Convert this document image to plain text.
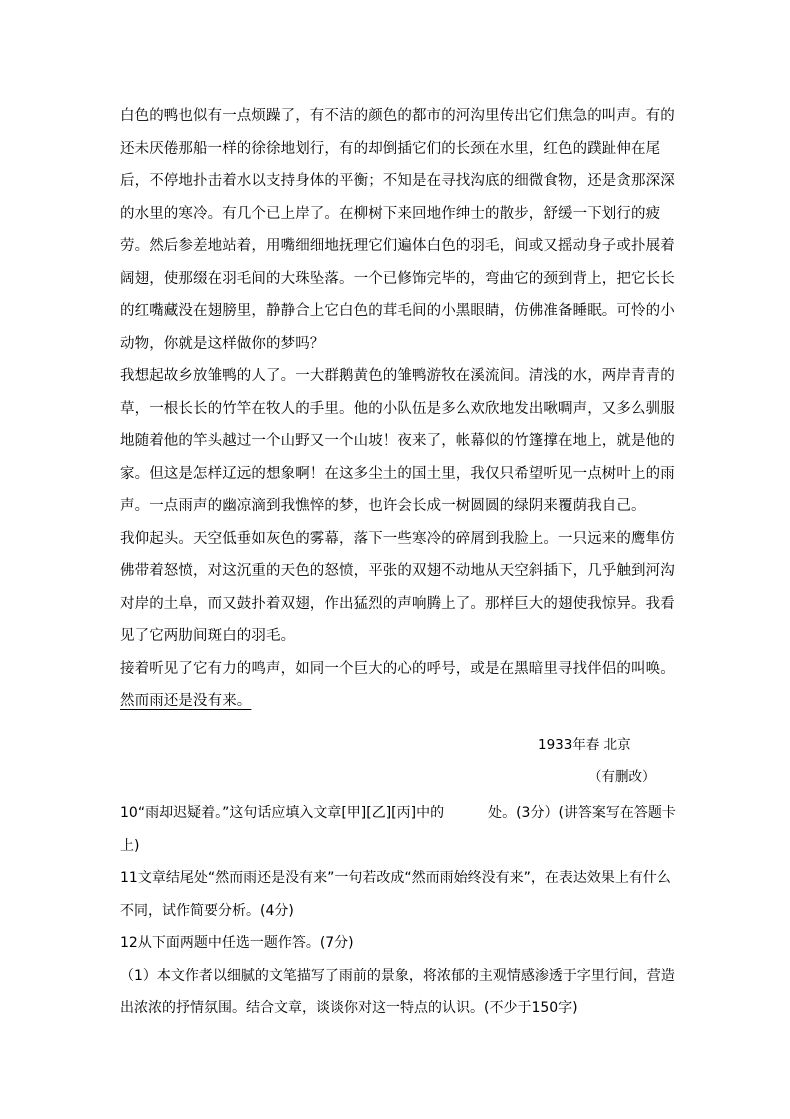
白色的鸭也似有一点烦躁了，有不洁的颜色的都市的河沟里传出它们焦急的叫声。有的还未厌倦那船一样的徐徐地划行，有的却倒插它们的长颈在水里，红色的蹼趾伸在尾后，不停地扑击着水以支持身体的平衡；不知是在寻找沟底的细微食物，还是贪那深深的水里的寒冷。有几个已上岸了。在柳树下来回地作绅士的散步，舒缓一下划行的疲劳。然后参差地站着，用嘴细细地抚理它们遍体白色的羽毛，间或又摇动身子或扑展着阔翅，使那缀在羽毛间的大珠坠落。一个已修饰完毕的，弯曲它的颈到背上，把它长长的红嘴藏没在翅膀里，静静合上它白色的茸毛间的小黑眼睛，仿佛准备睡眠。可怜的小动物，你就是这样做你的梦吗？

我想起故乡放雏鸭的人了。一大群鹅黄色的雏鸭游牧在溪流间。清浅的水，两岸青青的草，一根长长的竹竿在牧人的手里。他的小队伍是多么欢欣地发出啾啁声，又多么驯服地随着他的竿头越过一个山野又一个山坡！夜来了，帐幕似的竹篷撑在地上，就是他的家。但这是怎样辽远的想象啊！在这多尘土的国土里，我仅只希望听见一点树叶上的雨声。一点雨声的幽凉滴到我憔悴的梦，也许会长成一树圆圆的绿阴来覆荫我自己。

我仰起头。天空低垂如灰色的雾幕，落下一些寒冷的碎屑到我脸上。一只远来的鹰隼仿佛带着怒愤，对这沉重的天色的怒愤，平张的双翅不动地从天空斜插下，几乎触到河沟对岸的土阜，而又鼓扑着双翅，作出猛烈的声响腾上了。那样巨大的翅使我惊异。我看见了它两肋间斑白的羽毛。

接着听见了它有力的鸣声，如同一个巨大的心的呼号，或是在黑暗里寻找伴侣的叫唤。

然而雨还是没有来。

1933年春 北京
（有删改）
10“雨却迟疑着。”这句话应填入文章[甲][乙][丙]中的	处。(3分）(讲答案写在答题卡上)
11文章结尾处“然而雨还是没有来”一句若改成“然而雨始终没有来”，在表达效果上有什么不同，试作简要分析。(4分)
12从下面两题中任选一题作答。(7分)
（1）本文作者以细腻的文笔描写了雨前的景象，将浓郁的主观情感渗透于字里行间，营造出浓浓的抒情氛围。结合文章，谈谈你对这一特点的认识。(不少于150字)
